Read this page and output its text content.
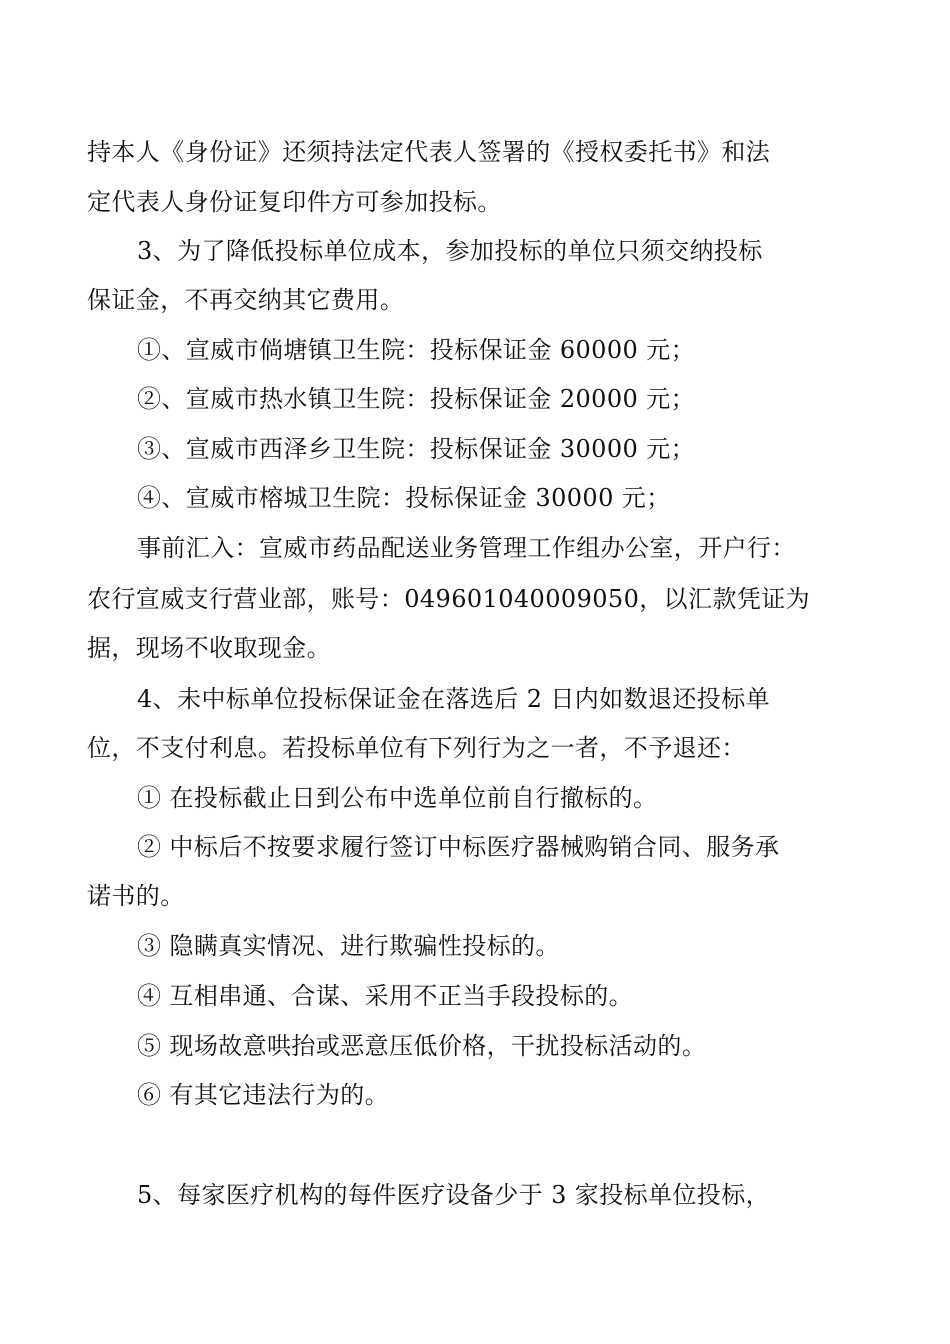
持本人《身份证》还须持法定代表人签署的《授权委托书》和法
定代表人身份证复印件方可参加投标。
3、为了降低投标单位成本，参加投标的单位只须交纳投标
保证金，不再交纳其它费用。
①、宣威市倘塘镇卫生院：投标保证金 60000 元；
②、宣威市热水镇卫生院：投标保证金 20000 元；
③、宣威市西泽乡卫生院：投标保证金 30000 元；
④、宣威市榕城卫生院：投标保证金 30000 元；
事前汇入：宣威市药品配送业务管理工作组办公室，开户行：
农行宣威支行营业部，账号：049601040009050，以汇款凭证为
据，现场不收取现金。
4、未中标单位投标保证金在落选后 2 日内如数退还投标单
位，不支付利息。若投标单位有下列行为之一者，不予退还：
① 在投标截止日到公布中选单位前自行撤标的。
② 中标后不按要求履行签订中标医疗器械购销合同、服务承
诺书的。
③ 隐瞒真实情况、进行欺骗性投标的。
④ 互相串通、合谋、采用不正当手段投标的。
⑤ 现场故意哄抬或恶意压低价格，干扰投标活动的。
⑥ 有其它违法行为的。
5、每家医疗机构的每件医疗设备少于 3 家投标单位投标，
